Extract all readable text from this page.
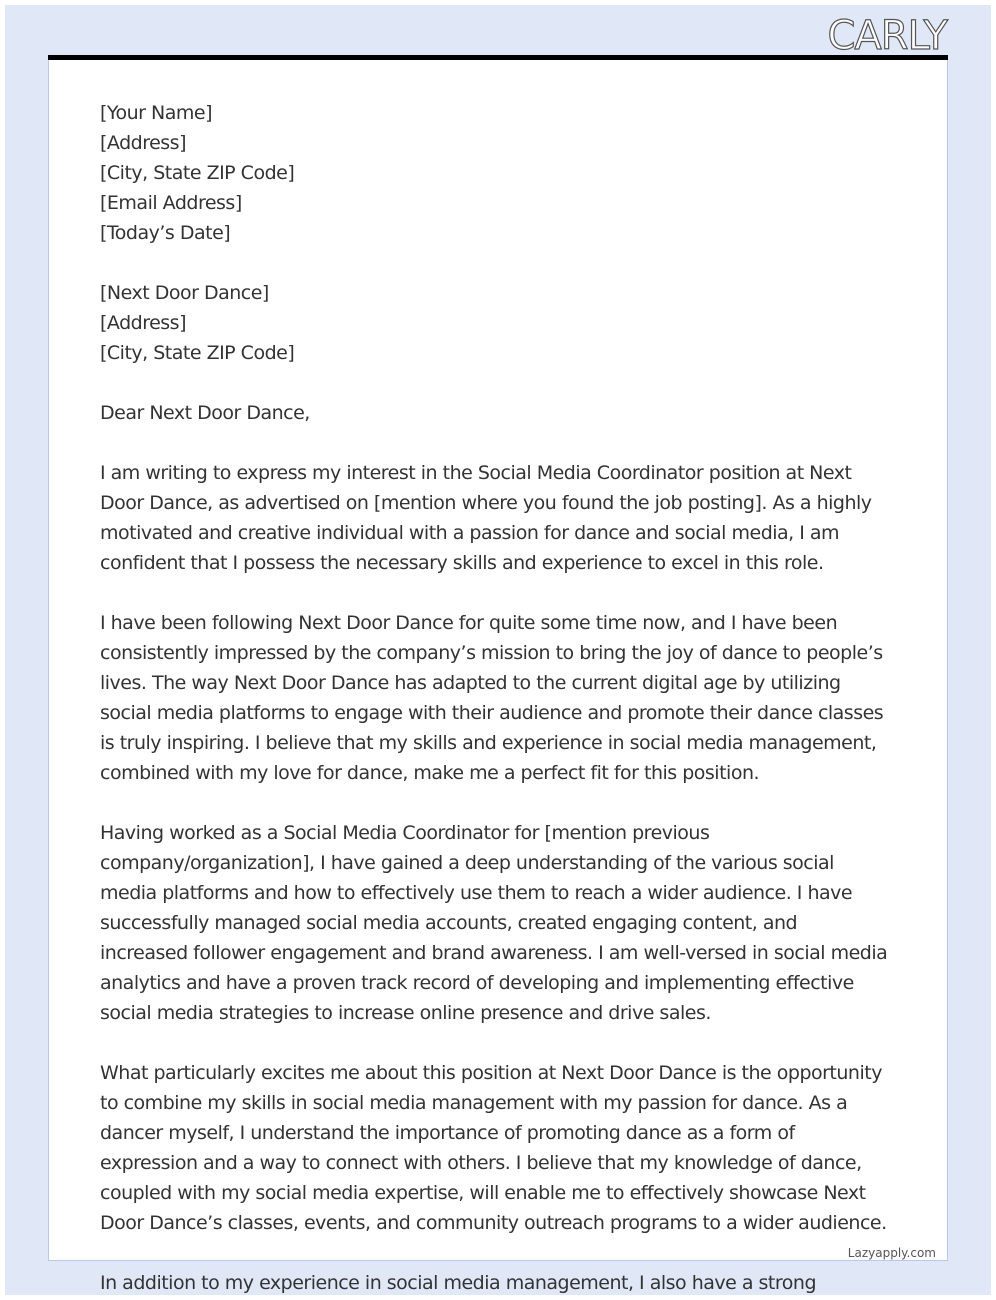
CARLY
[Your Name]
[Address]
[City, State ZIP Code]
[Email Address]
[Today’s Date]
[Next Door Dance]
[Address]
[City, State ZIP Code]
Dear Next Door Dance,

I am writing to express my interest in the Social Media Coordinator position at Next Door Dance, as advertised on [mention where you found the job posting]. As a highly motivated and creative individual with a passion for dance and social media, I am confident that I possess the necessary skills and experience to excel in this role.

I have been following Next Door Dance for quite some time now, and I have been consistently impressed by the company’s mission to bring the joy of dance to people’s lives. The way Next Door Dance has adapted to the current digital age by utilizing social media platforms to engage with their audience and promote their dance classes is truly inspiring. I believe that my skills and experience in social media management, combined with my love for dance, make me a perfect fit for this position.

Having worked as a Social Media Coordinator for [mention previous company/organization], I have gained a deep understanding of the various social media platforms and how to effectively use them to reach a wider audience. I have successfully managed social media accounts, created engaging content, and increased follower engagement and brand awareness. I am well-versed in social media analytics and have a proven track record of developing and implementing effective social media strategies to increase online presence and drive sales.

What particularly excites me about this position at Next Door Dance is the opportunity to combine my skills in social media management with my passion for dance. As a dancer myself, I understand the importance of promoting dance as a form of expression and a way to connect with others. I believe that my knowledge of dance, coupled with my social media expertise, will enable me to effectively showcase Next Door Dance’s classes, events, and community outreach programs to a wider audience.

Lazyapply.com
In addition to my experience in social media management, I also have a strong
